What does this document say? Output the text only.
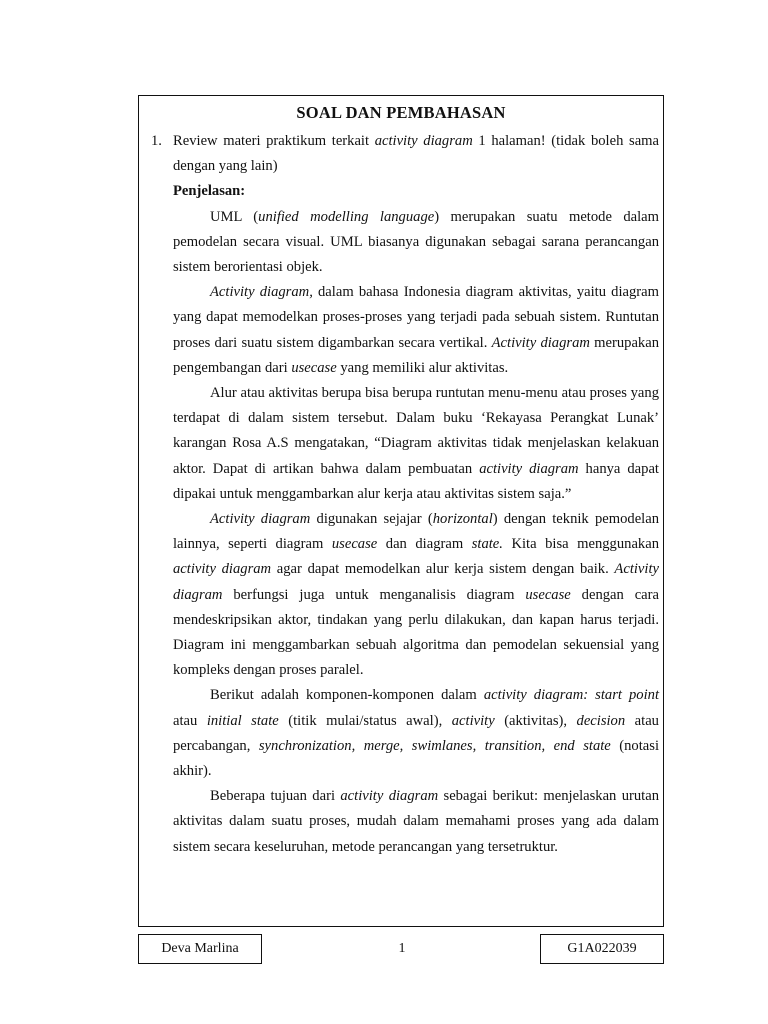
SOAL DAN PEMBAHASAN
1. Review materi praktikum terkait activity diagram 1 halaman! (tidak boleh sama dengan yang lain)

Penjelasan:

UML (unified modelling language) merupakan suatu metode dalam pemodelan secara visual. UML biasanya digunakan sebagai sarana perancangan sistem berorientasi objek.

Activity diagram, dalam bahasa Indonesia diagram aktivitas, yaitu diagram yang dapat memodelkan proses-proses yang terjadi pada sebuah sistem. Runtutan proses dari suatu sistem digambarkan secara vertikal. Activity diagram merupakan pengembangan dari usecase yang memiliki alur aktivitas.

Alur atau aktivitas berupa bisa berupa runtutan menu-menu atau proses yang terdapat di dalam sistem tersebut. Dalam buku ‘Rekayasa Perangkat Lunak’ karangan Rosa A.S mengatakan, “Diagram aktivitas tidak menjelaskan kelakuan aktor. Dapat di artikan bahwa dalam pembuatan activity diagram hanya dapat dipakai untuk menggambarkan alur kerja atau aktivitas sistem saja.”

Activity diagram digunakan sejajar (horizontal) dengan teknik pemodelan lainnya, seperti diagram usecase dan diagram state. Kita bisa menggunakan activity diagram agar dapat memodelkan alur kerja sistem dengan baik. Activity diagram berfungsi juga untuk menganalisis diagram usecase dengan cara mendeskripsikan aktor, tindakan yang perlu dilakukan, dan kapan harus terjadi. Diagram ini menggambarkan sebuah algoritma dan pemodelan sekuensial yang kompleks dengan proses paralel.

Berikut adalah komponen-komponen dalam activity diagram: start point atau initial state (titik mulai/status awal), activity (aktivitas), decision atau percabangan, synchronization, merge, swimlanes, transition, end state (notasi akhir).

Beberapa tujuan dari activity diagram sebagai berikut: menjelaskan urutan aktivitas dalam suatu proses, mudah dalam memahami proses yang ada dalam sistem secara keseluruhan, metode perancangan yang tersetruktur.

Deva Marlina	1	G1A022039
